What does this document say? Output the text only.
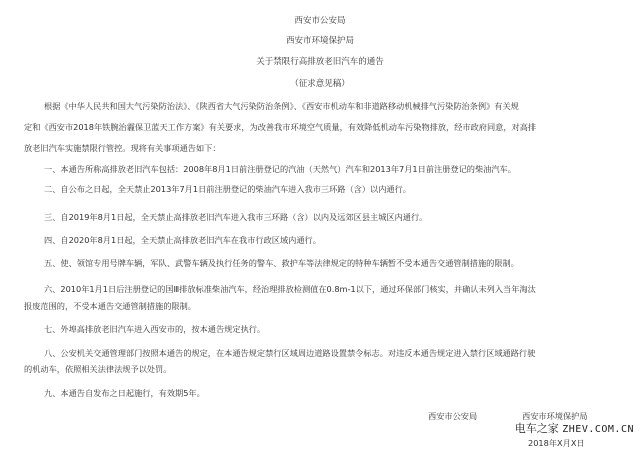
西安市公安局
西安市环境保护局
关于禁限行高排放老旧汽车的通告
（征求意见稿）
根据《中华人民共和国大气污染防治法》、《陕西省大气污染防治条例》、《西安市机动车和非道路移动机械排气污染防治条例》有关规
定和《西安市2018年铁腕治霾保卫蓝天工作方案》有关要求，为改善我市环境空气质量，有效降低机动车污染物排放，经市政府同意，对高排
放老旧汽车实施禁限行管控。现将有关事项通告如下：
一、本通告所称高排放老旧汽车包括：2008年8月1日前注册登记的汽油（天然气）汽车和2013年7月1日前注册登记的柴油汽车。
二、自公布之日起，全天禁止2013年7月1日前注册登记的柴油汽车进入我市三环路（含）以内通行。
三、自2019年8月1日起，全天禁止高排放老旧汽车进入我市三环路（含）以内及远郊区县主城区内通行。
四、自2020年8月1日起，全天禁止高排放老旧汽车在我市行政区域内通行。
五、使、领馆专用号牌车辆，军队、武警车辆及执行任务的警车、救护车等法律规定的特种车辆暂不受本通告交通管制措施的限制。
六、2010年1月1日后注册登记的国Ⅲ排放标准柴油汽车，经治理排放检测值在0.8m-1以下，通过环保部门核实，并确认未列入当年淘汰
报废范围的，不受本通告交通管制措施的限制。
七、外埠高排放老旧汽车进入西安市的，按本通告规定执行。
八、公安机关交通管理部门按照本通告的规定，在本通告规定禁行区域周边道路设置禁令标志。对违反本通告规定进入禁行区域通路行驶
的机动车，依照相关法律法规予以处罚。
九、本通告自发布之日起施行，有效期5年。
西安市公安局	西安市环境保护局
2018年X月X日
电车之家 ZHEV.COM.CN
